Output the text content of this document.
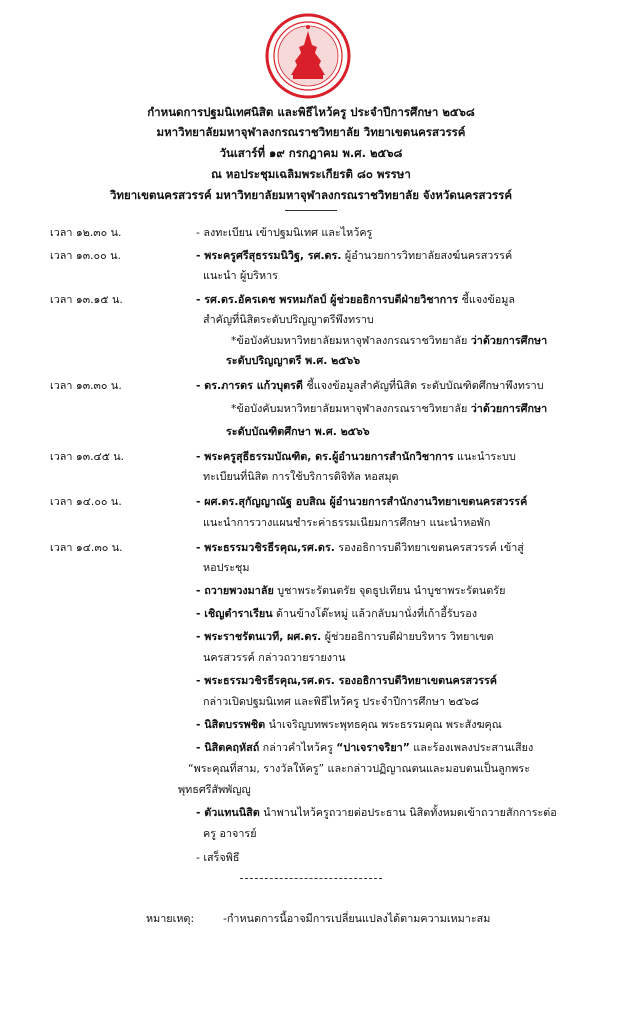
กำหนดการปฐมนิเทศนิสิต และพิธีไหว้ครู ประจำปีการศึกษา ๒๕๖๘
มหาวิทยาลัยมหาจุฬาลงกรณราชวิทยาลัย วิทยาเขตนครสวรรค์
วันเสาร์ที่ ๑๙ กรกฎาคม พ.ศ. ๒๕๖๘
ณ หอประชุมเฉลิมพระเกียรติ ๘๐ พรรษา
วิทยาเขตนครสวรรค์ มหาวิทยาลัยมหาจุฬาลงกรณราชวิทยาลัย จังหวัดนครสวรรค์
เวลา ๑๒.๓๐ น.	- ลงทะเบียน เข้าปฐมนิเทศ และไหว้ครู
เวลา ๑๓.๐๐ น.	- พระครูศรีสุธรรมนิวิฐ, รศ.ดร. ผู้อำนวยการวิทยาลัยสงฆ์นครสวรรค์
แนะนำ ผู้บริหาร
เวลา ๑๓.๑๕ น.	- รศ.ดร.อัครเดช พรหมกัลป์ ผู้ช่วยอธิการบดีฝ่ายวิชาการ ชี้แจงข้อมูล
สำคัญที่นิสิตระดับปริญญาตรีพึงทราบ
*ข้อบังคับมหาวิทยาลัยมหาจุฬาลงกรณราชวิทยาลัย ว่าด้วยการศึกษา
ระดับปริญญาตรี พ.ศ. ๒๕๖๖
เวลา ๑๓.๓๐ น.	- ดร.ภารดร แก้วบุตรดี ชี้แจงข้อมูลสำคัญที่นิสิต ระดับบัณฑิตศึกษาพึงทราบ
*ข้อบังคับมหาวิทยาลัยมหาจุฬาลงกรณราชวิทยาลัย ว่าด้วยการศึกษา
ระดับบัณฑิตศึกษา พ.ศ. ๒๕๖๖
เวลา ๑๓.๔๕ น.	- พระครูสุธีธรรมบัณฑิต, ดร.ผู้อำนวยการสำนักวิชาการ แนะนำระบบ
ทะเบียนที่นิสิต การใช้บริการดิจิทัล หอสมุด
เวลา ๑๔.๐๐ น.	- ผศ.ดร.สุกัญญาณัฐ อบสิณ ผู้อำนวยการสำนักงานวิทยาเขตนครสวรรค์
แนะนำการวางแผนชำระค่าธรรมเนียมการศึกษา แนะนำหอพัก
เวลา ๑๔.๓๐ น.	- พระธรรมวชิรธีรคุณ,รศ.ดร. รองอธิการบดีวิทยาเขตนครสวรรค์ เข้าสู่
หอประชุม
- ถวายพวงมาลัย บูชาพระรัตนตรัย จุดธูปเทียน นำบูชาพระรัตนตรัย
- เชิญตำราเรียน ด้านข้างโต๊ะหมู่ แล้วกลับมานั่งที่เก้าอี้รับรอง
- พระราชรัตนเวที, ผศ.ดร. ผู้ช่วยอธิการบดีฝ่ายบริหาร วิทยาเขต
นครสวรรค์ กล่าวถวายรายงาน
- พระธรรมวชิรธีรคุณ,รศ.ดร. รองอธิการบดีวิทยาเขตนครสวรรค์
กล่าวเปิดปฐมนิเทศ และพิธีไหว้ครู ประจำปีการศึกษา ๒๕๖๘
- นิสิตบรรพชิต นำเจริญบทพระพุทธคุณ พระธรรมคุณ พระสังฆคุณ
- นิสิตคฤหัสถ์ กล่าวคำไหว้ครู “ปาเจราจริยา” และร้องเพลงประสานเสียง
“พระคุณที่สาม, รางวัลให้ครู” และกล่าวปฏิญาณตนและมอบตนเป็นลูกพระ
พุทธศรีสัพพัญญู
- ตัวแทนนิสิต นำพานไหว้ครูถวายต่อประธาน นิสิตทั้งหมดเข้าถวายสักการะต่อ
ครู อาจารย์
- เสร็จพิธี
หมายเหตุ:	-กำหนดการนี้อาจมีการเปลี่ยนแปลงได้ตามความเหมาะสม
